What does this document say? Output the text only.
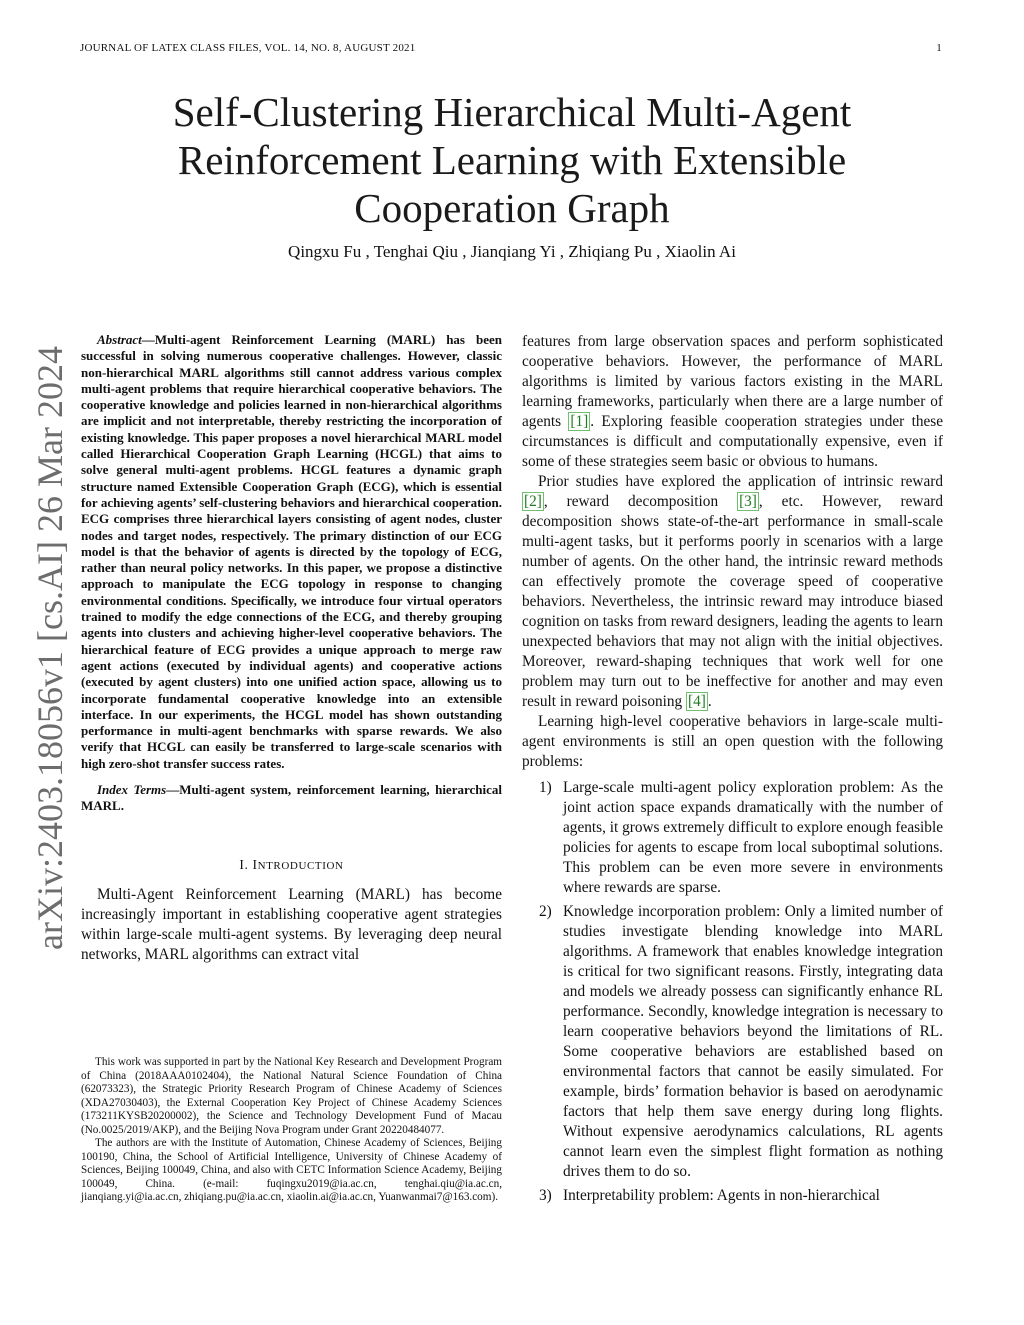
JOURNAL OF LATEX CLASS FILES, VOL. 14, NO. 8, AUGUST 2021	1
arXiv:2403.18056v1 [cs.AI] 26 Mar 2024
Self-Clustering Hierarchical Multi-Agent
Reinforcement Learning with Extensible
Cooperation Graph
Qingxu Fu , Tenghai Qiu , Jianqiang Yi , Zhiqiang Pu , Xiaolin Ai

Abstract—Multi-agent Reinforcement Learning (MARL) has been successful in solving numerous cooperative challenges. However, classic non-hierarchical MARL algorithms still cannot address various complex multi-agent problems that require hierarchical cooperative behaviors. The cooperative knowledge and policies learned in non-hierarchical algorithms are implicit and not interpretable, thereby restricting the incorporation of existing knowledge. This paper proposes a novel hierarchical MARL model called Hierarchical Cooperation Graph Learning (HCGL) that aims to solve general multi-agent problems. HCGL features a dynamic graph structure named Extensible Cooperation Graph (ECG), which is essential for achieving agents’ self-clustering behaviors and hierarchical cooperation. ECG comprises three hierarchical layers consisting of agent nodes, cluster nodes and target nodes, respectively. The primary distinction of our ECG model is that the behavior of agents is directed by the topology of ECG, rather than neural policy networks. In this paper, we propose a distinctive approach to manipulate the ECG topology in response to changing environmental conditions. Specifically, we introduce four virtual operators trained to modify the edge connections of the ECG, and thereby grouping agents into clusters and achieving higher-level cooperative behaviors. The hierarchical feature of ECG provides a unique approach to merge raw agent actions (executed by individual agents) and cooperative actions (executed by agent clusters) into one unified action space, allowing us to incorporate fundamental cooperative knowledge into an extensible interface. In our experiments, the HCGL model has shown outstanding performance in multi-agent benchmarks with sparse rewards. We also verify that HCGL can easily be transferred to large-scale scenarios with high zero-shot transfer success rates.

Index Terms—Multi-agent system, reinforcement learning, hierarchical MARL.

I. INTRODUCTION

Multi-Agent Reinforcement Learning (MARL) has become increasingly important in establishing cooperative agent strategies within large-scale multi-agent systems. By leveraging deep neural networks, MARL algorithms can extract vital

This work was supported in part by the National Key Research and Development Program of China (2018AAA0102404), the National Natural Science Foundation of China (62073323), the Strategic Priority Research Program of Chinese Academy of Sciences (XDA27030403), the External Cooperation Key Project of Chinese Academy Sciences (173211KYSB20200002), the Science and Technology Development Fund of Macau (No.0025/2019/AKP), and the Beijing Nova Program under Grant 20220484077.

The authors are with the Institute of Automation, Chinese Academy of Sciences, Beijing 100190, China, the School of Artificial Intelligence, University of Chinese Academy of Sciences, Beijing 100049, China, and also with CETC Information Science Academy, Beijing 100049, China. (e-mail: fuqingxu2019@ia.ac.cn, tenghai.qiu@ia.ac.cn, jianqiang.yi@ia.ac.cn, zhiqiang.pu@ia.ac.cn, xiaolin.ai@ia.ac.cn, Yuanwanmai7@163.com).

features from large observation spaces and perform sophisticated cooperative behaviors. However, the performance of MARL algorithms is limited by various factors existing in the MARL learning frameworks, particularly when there are a large number of agents [1] . Exploring feasible cooperation strategies under these circumstances is difficult and computationally expensive, even if some of these strategies seem basic or obvious to humans.

Prior studies have explored the application of intrinsic reward [2] , reward decomposition [3] , etc. However, reward decomposition shows state-of-the-art performance in small-scale multi-agent tasks, but it performs poorly in scenarios with a large number of agents. On the other hand, the intrinsic reward methods can effectively promote the coverage speed of cooperative behaviors. Nevertheless, the intrinsic reward may introduce biased cognition on tasks from reward designers, leading the agents to learn unexpected behaviors that may not align with the initial objectives. Moreover, reward-shaping techniques that work well for one problem may turn out to be ineffective for another and may even result in reward poisoning [4] .

Learning high-level cooperative behaviors in large-scale multi-agent environments is still an open question with the following problems:

1) Large-scale multi-agent policy exploration problem: As the joint action space expands dramatically with the number of agents, it grows extremely difficult to explore enough feasible policies for agents to escape from local suboptimal solutions. This problem can be even more severe in environments where rewards are sparse.
2) Knowledge incorporation problem: Only a limited number of studies investigate blending knowledge into MARL algorithms. A framework that enables knowledge integration is critical for two significant reasons. Firstly, integrating data and models we already possess can significantly enhance RL performance. Secondly, knowledge integration is necessary to learn cooperative behaviors beyond the limitations of RL. Some cooperative behaviors are established based on environmental factors that cannot be easily simulated. For example, birds’ formation behavior is based on aerodynamic factors that help them save energy during long flights. Without expensive aerodynamics calculations, RL agents cannot learn even the simplest flight formation as nothing drives them to do so.
3) Interpretability problem: Agents in non-hierarchical
